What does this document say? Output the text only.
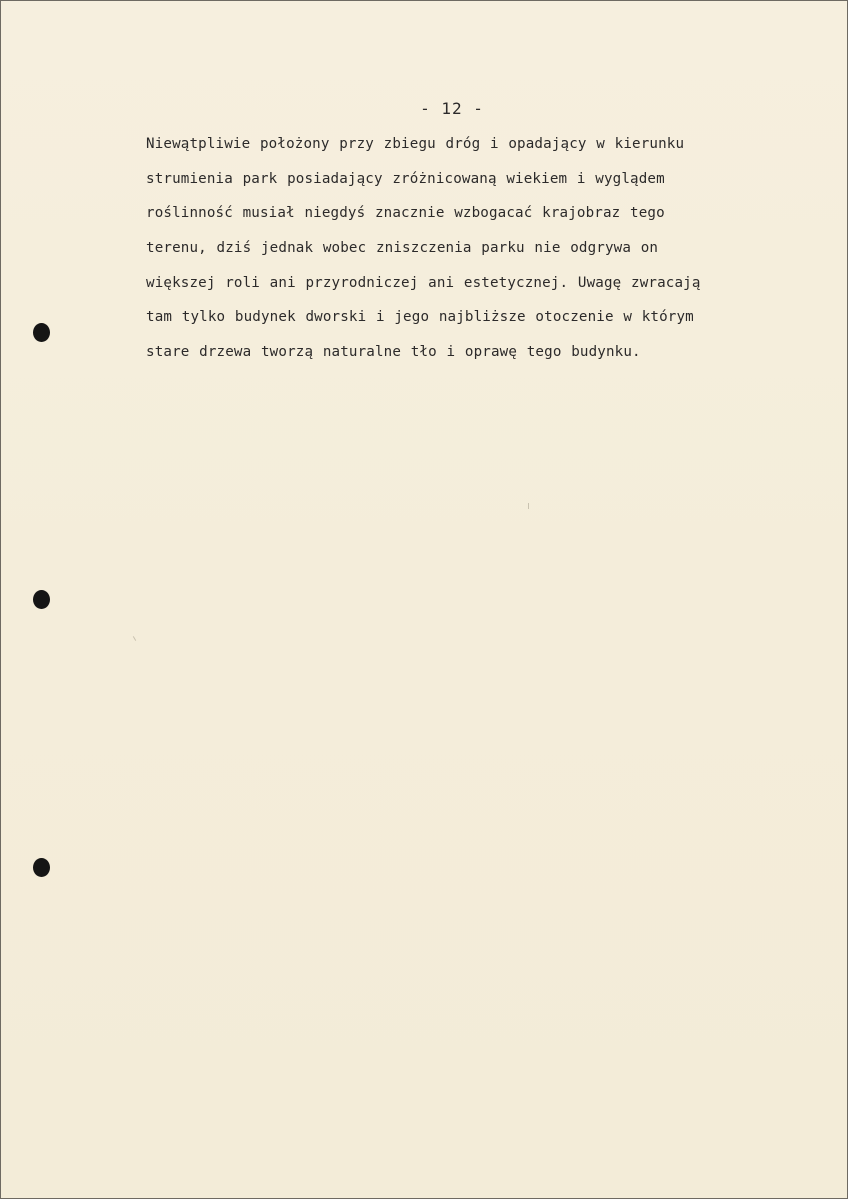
- 12 -
Niewątpliwie położony przy zbiegu dróg i opadający w kierunku
strumienia park posiadający zróżnicowaną wiekiem i wyglądem
roślinność musiał niegdyś znacznie wzbogacać krajobraz tego
terenu, dziś jednak wobec zniszczenia parku nie odgrywa on
większej roli ani przyrodniczej ani estetycznej. Uwagę zwracają
tam tylko budynek dworski i jego najbliższe otoczenie w którym
stare drzewa tworzą naturalne tło i oprawę tego budynku.
